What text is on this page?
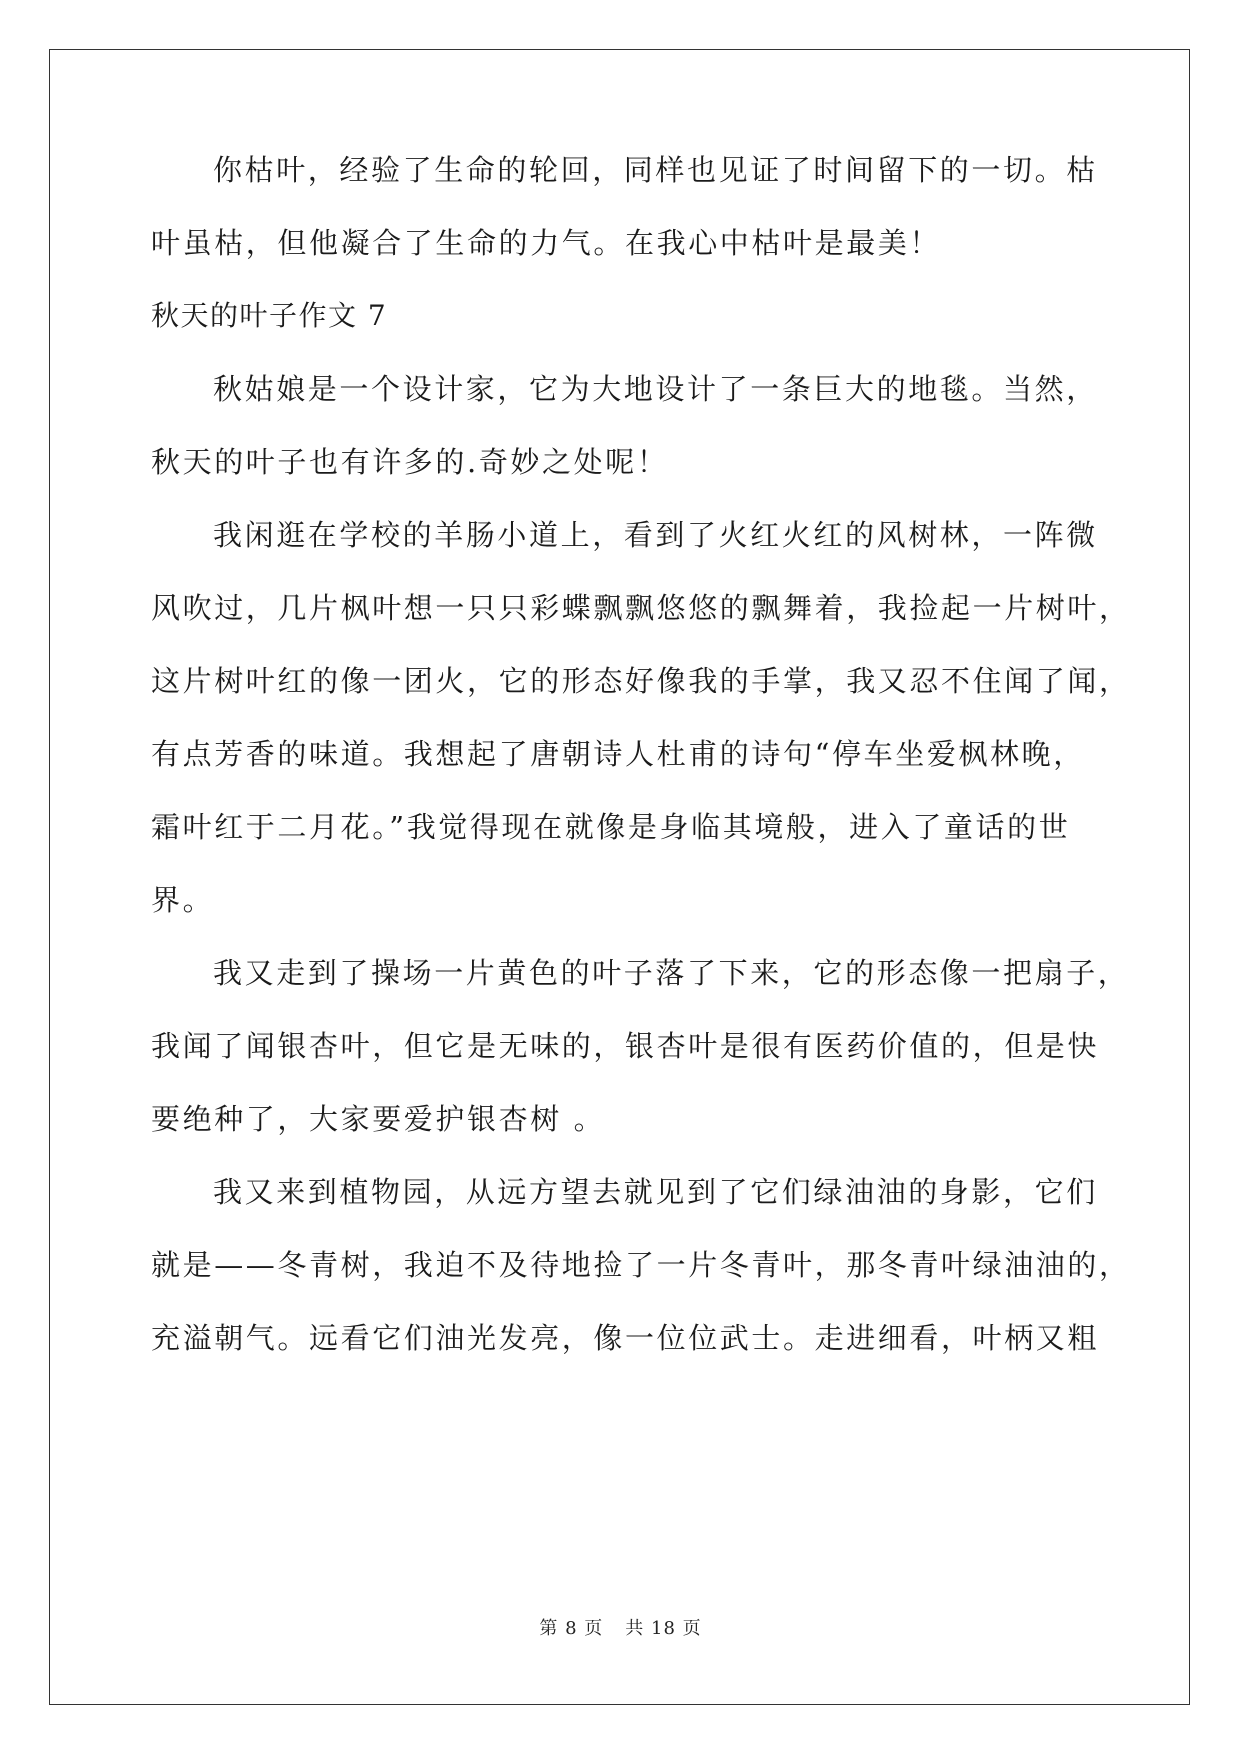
你枯叶，经验了生命的轮回，同样也见证了时间留下的一切。枯
叶虽枯，但他凝合了生命的力气。在我心中枯叶是最美！
秋天的叶子作文 7
秋姑娘是一个设计家，它为大地设计了一条巨大的地毯。当然，
秋天的叶子也有许多的.奇妙之处呢！
我闲逛在学校的羊肠小道上，看到了火红火红的风树林，一阵微
风吹过，几片枫叶想一只只彩蝶飘飘悠悠的飘舞着，我捡起一片树叶，
这片树叶红的像一团火，它的形态好像我的手掌，我又忍不住闻了闻，
有点芳香的味道。我想起了唐朝诗人杜甫的诗句“停车坐爱枫林晚，
霜叶红于二月花。”我觉得现在就像是身临其境般，进入了童话的世
界。
我又走到了操场一片黄色的叶子落了下来，它的形态像一把扇子，
我闻了闻银杏叶，但它是无味的，银杏叶是很有医药价值的，但是快
要绝种了，大家要爱护银杏树 。
我又来到植物园，从远方望去就见到了它们绿油油的身影，它们
就是——冬青树，我迫不及待地捡了一片冬青叶，那冬青叶绿油油的，
充溢朝气。远看它们油光发亮，像一位位武士。走进细看，叶柄又粗
第 8 页 共 18 页
